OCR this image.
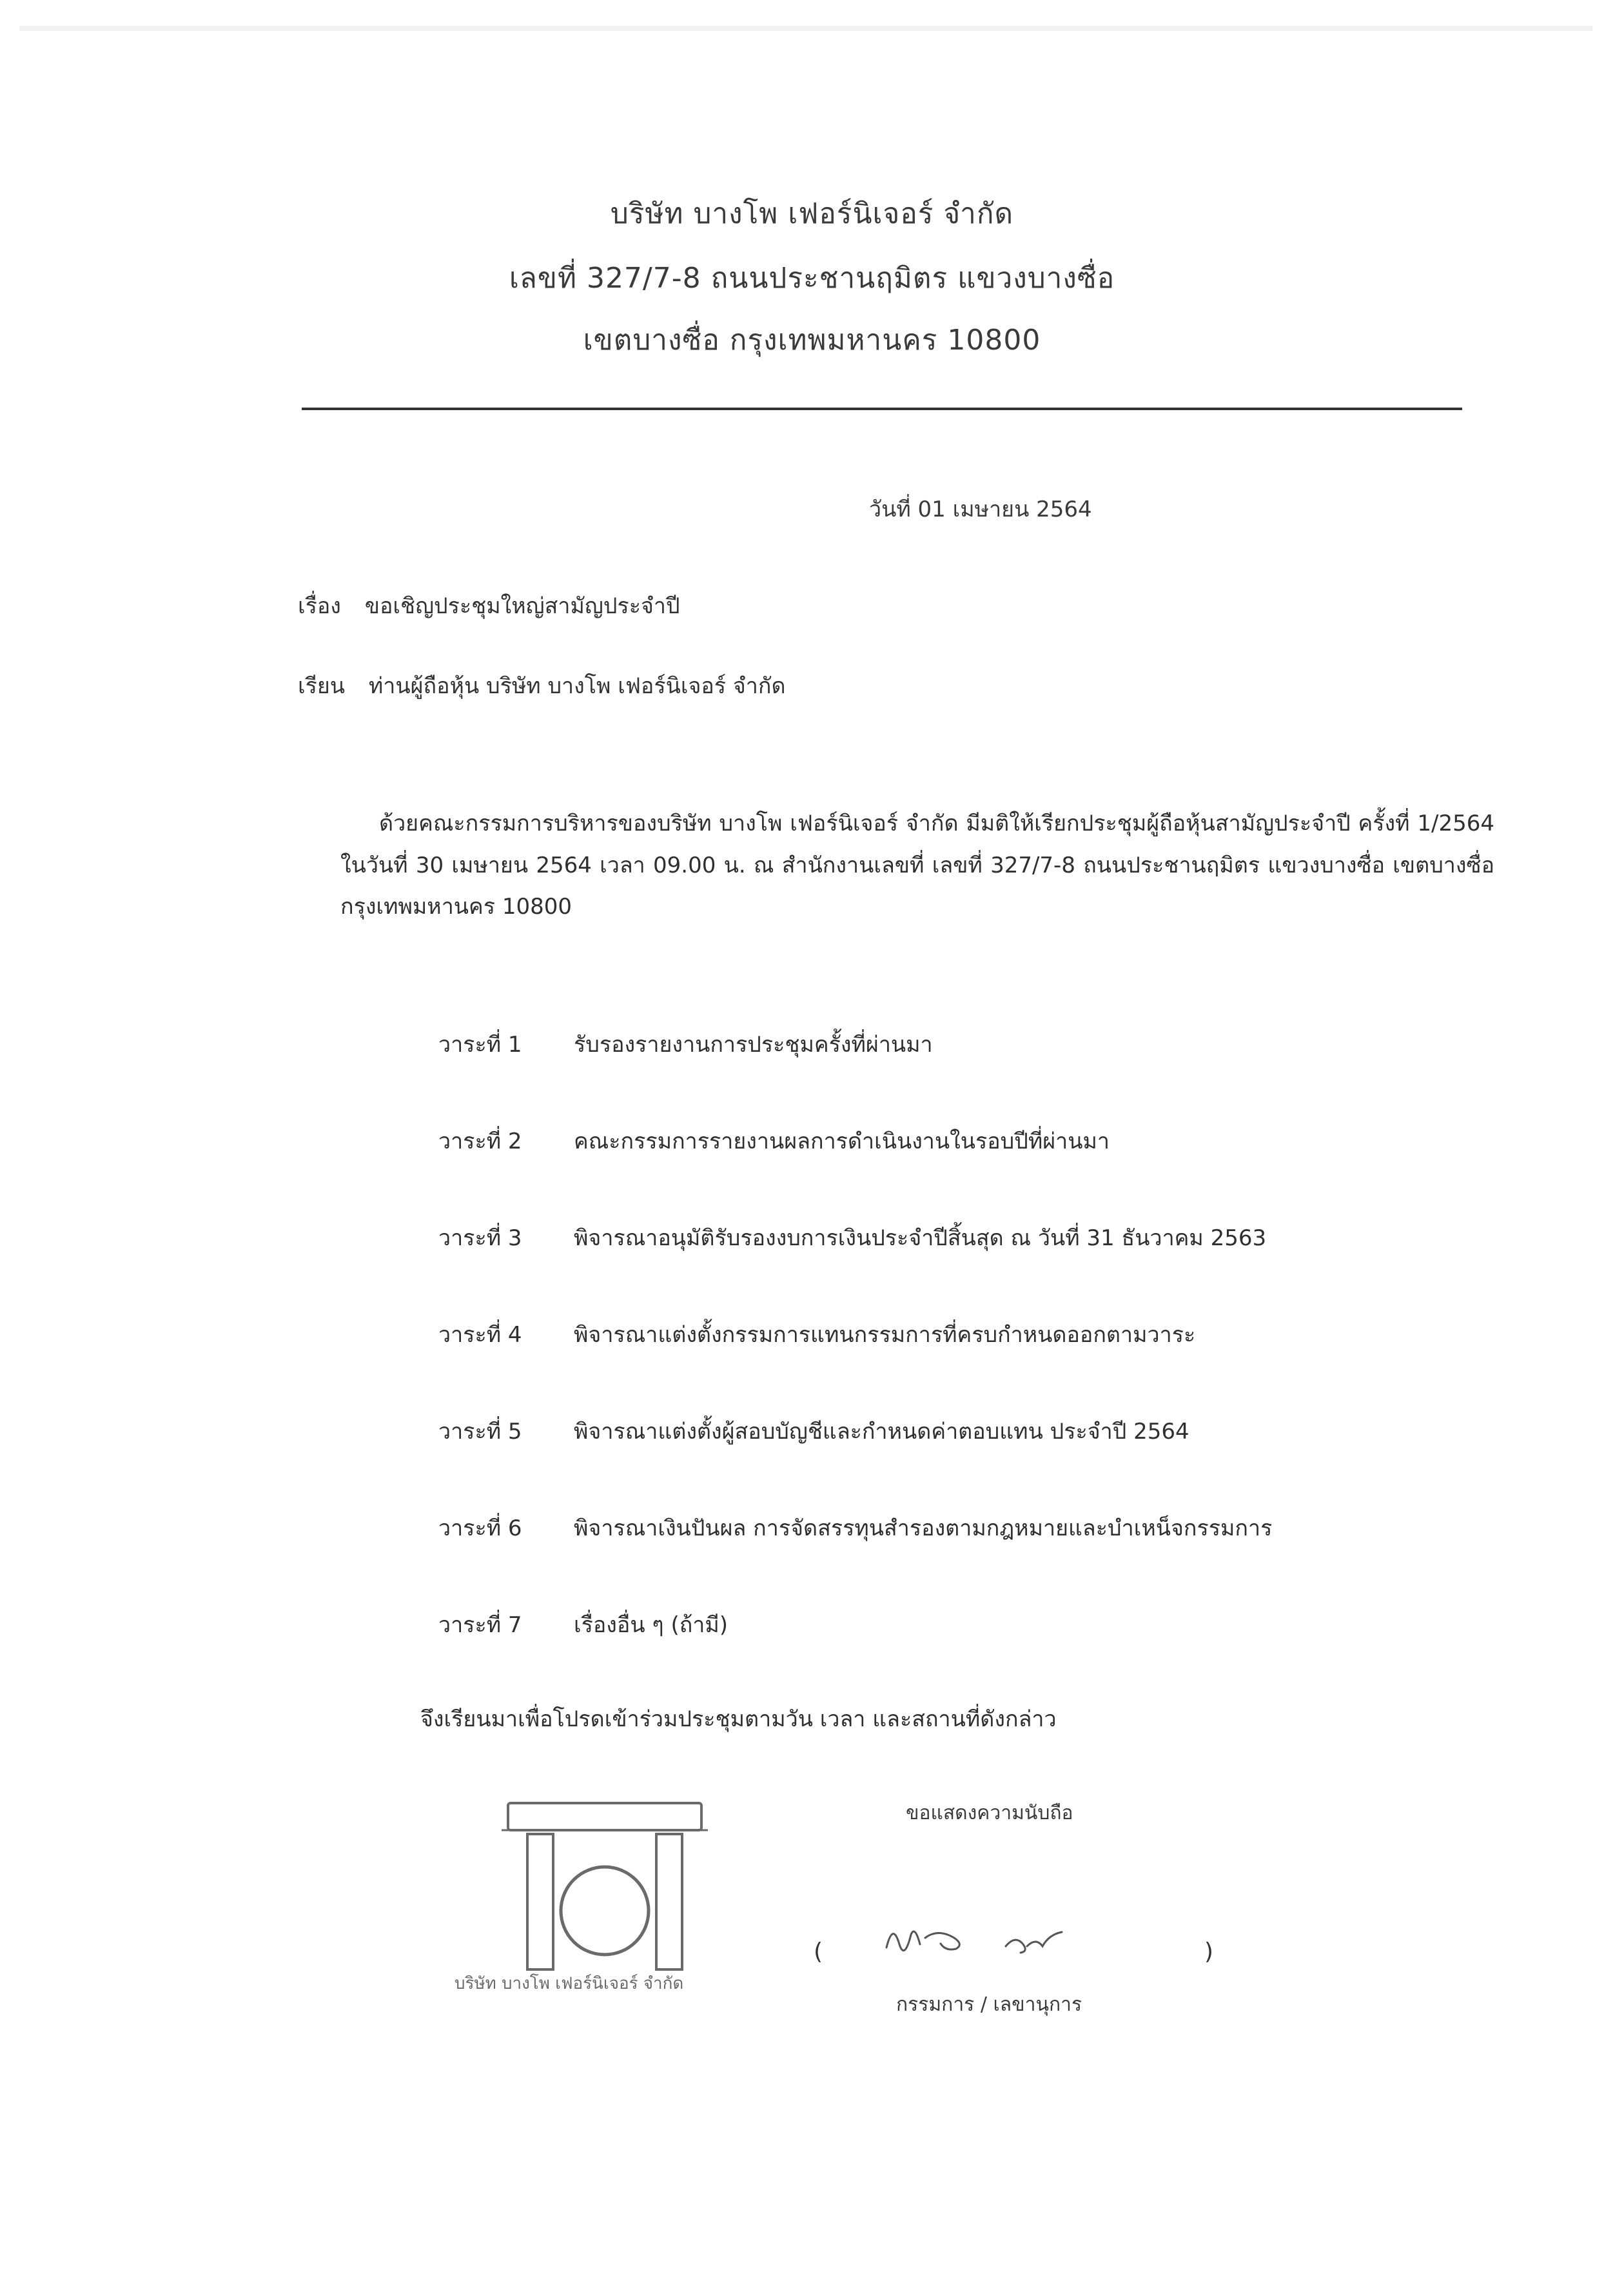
บริษัท บางโพ เฟอร์นิเจอร์ จำกัด
เลขที่ 327/7-8 ถนนประชานฤมิตร แขวงบางซื่อ
เขตบางซื่อ กรุงเทพมหานคร 10800
วันที่ 01 เมษายน 2564
เรื่อง ขอเชิญประชุมใหญ่สามัญประจำปี
เรียน ท่านผู้ถือหุ้น บริษัท บางโพ เฟอร์นิเจอร์ จำกัด
ด้วยคณะกรรมการบริหารของบริษัท บางโพ เฟอร์นิเจอร์ จำกัด มีมติให้เรียกประชุมผู้ถือหุ้นสามัญประจำปี ครั้งที่ 1/2564 ในวันที่ 30 เมษายน 2564 เวลา 09.00 น. ณ สำนักงานเลขที่ เลขที่ 327/7-8 ถนนประชานฤมิตร แขวงบางซื่อ เขตบางซื่อ กรุงเทพมหานคร 10800
วาระที่ 1 รับรองรายงานการประชุมครั้งที่ผ่านมา
วาระที่ 2 คณะกรรมการรายงานผลการดำเนินงานในรอบปีที่ผ่านมา
วาระที่ 3 พิจารณาอนุมัติรับรองงบการเงินประจำปีสิ้นสุด ณ วันที่ 31 ธันวาคม 2563
วาระที่ 4 พิจารณาแต่งตั้งกรรมการแทนกรรมการที่ครบกำหนดออกตามวาระ
วาระที่ 5 พิจารณาแต่งตั้งผู้สอบบัญชีและกำหนดค่าตอบแทน ประจำปี 2564
วาระที่ 6 พิจารณาเงินปันผล การจัดสรรทุนสำรองตามกฎหมายและบำเหน็จกรรมการ
วาระที่ 7 เรื่องอื่น ๆ (ถ้ามี)
จึงเรียนมาเพื่อโปรดเข้าร่วมประชุมตามวัน เวลา และสถานที่ดังกล่าว
ขอแสดงความนับถือ
บริษัท บางโพ เฟอร์นิเจอร์ จำกัด
(	)
กรรมการ / เลขานุการ
